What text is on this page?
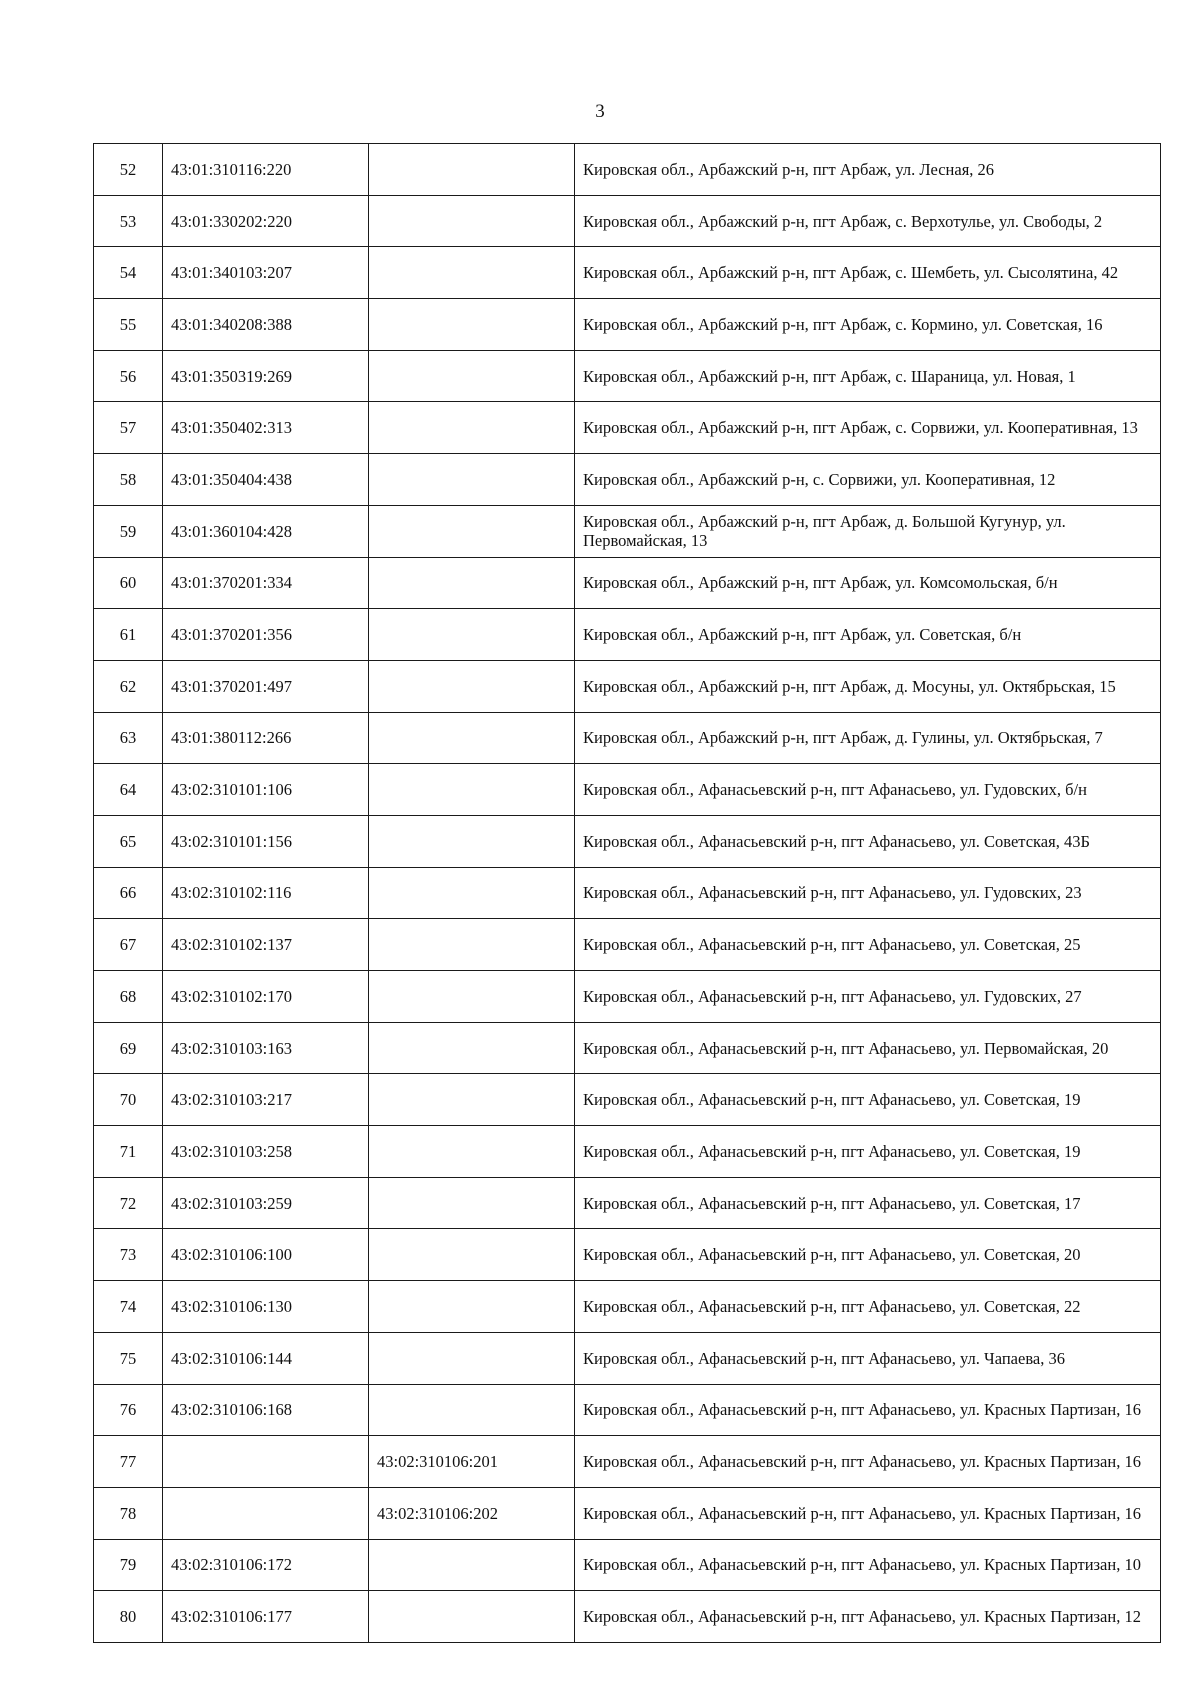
3
52	43:01:310116:220		Кировская обл., Арбажский р-н, пгт Арбаж, ул. Лесная, 26
53	43:01:330202:220		Кировская обл., Арбажский р-н, пгт Арбаж, с. Верхотулье, ул. Свободы, 2
54	43:01:340103:207		Кировская обл., Арбажский р-н, пгт Арбаж, с. Шембеть, ул. Сысолятина, 42
55	43:01:340208:388		Кировская обл., Арбажский р-н, пгт Арбаж, с. Кормино, ул. Советская, 16
56	43:01:350319:269		Кировская обл., Арбажский р-н, пгт Арбаж, с. Шараница, ул. Новая, 1
57	43:01:350402:313		Кировская обл., Арбажский р-н, пгт Арбаж, с. Сорвижи, ул. Кооперативная, 13
58	43:01:350404:438		Кировская обл., Арбажский р-н, с. Сорвижи, ул. Кооперативная, 12
59	43:01:360104:428		Кировская обл., Арбажский р-н, пгт Арбаж, д. Большой Кугунур, ул. Первомайская, 13
60	43:01:370201:334		Кировская обл., Арбажский р-н, пгт Арбаж, ул. Комсомольская, б/н
61	43:01:370201:356		Кировская обл., Арбажский р-н, пгт Арбаж, ул. Советская, б/н
62	43:01:370201:497		Кировская обл., Арбажский р-н, пгт Арбаж, д. Мосуны, ул. Октябрьская, 15
63	43:01:380112:266		Кировская обл., Арбажский р-н, пгт Арбаж, д. Гулины, ул. Октябрьская, 7
64	43:02:310101:106		Кировская обл., Афанасьевский р-н, пгт Афанасьево, ул. Гудовских, б/н
65	43:02:310101:156		Кировская обл., Афанасьевский р-н, пгт Афанасьево, ул. Советская, 43Б
66	43:02:310102:116		Кировская обл., Афанасьевский р-н, пгт Афанасьево, ул. Гудовских, 23
67	43:02:310102:137		Кировская обл., Афанасьевский р-н, пгт Афанасьево, ул. Советская, 25
68	43:02:310102:170		Кировская обл., Афанасьевский р-н, пгт Афанасьево, ул. Гудовских, 27
69	43:02:310103:163		Кировская обл., Афанасьевский р-н, пгт Афанасьево, ул. Первомайская, 20
70	43:02:310103:217		Кировская обл., Афанасьевский р-н, пгт Афанасьево, ул. Советская, 19
71	43:02:310103:258		Кировская обл., Афанасьевский р-н, пгт Афанасьево, ул. Советская, 19
72	43:02:310103:259		Кировская обл., Афанасьевский р-н, пгт Афанасьево, ул. Советская, 17
73	43:02:310106:100		Кировская обл., Афанасьевский р-н, пгт Афанасьево, ул. Советская, 20
74	43:02:310106:130		Кировская обл., Афанасьевский р-н, пгт Афанасьево, ул. Советская, 22
75	43:02:310106:144		Кировская обл., Афанасьевский р-н, пгт Афанасьево, ул. Чапаева, 36
76	43:02:310106:168		Кировская обл., Афанасьевский р-н, пгт Афанасьево, ул. Красных Партизан, 16
77		43:02:310106:201	Кировская обл., Афанасьевский р-н, пгт Афанасьево, ул. Красных Партизан, 16
78		43:02:310106:202	Кировская обл., Афанасьевский р-н, пгт Афанасьево, ул. Красных Партизан, 16
79	43:02:310106:172		Кировская обл., Афанасьевский р-н, пгт Афанасьево, ул. Красных Партизан, 10
80	43:02:310106:177		Кировская обл., Афанасьевский р-н, пгт Афанасьево, ул. Красных Партизан, 12
